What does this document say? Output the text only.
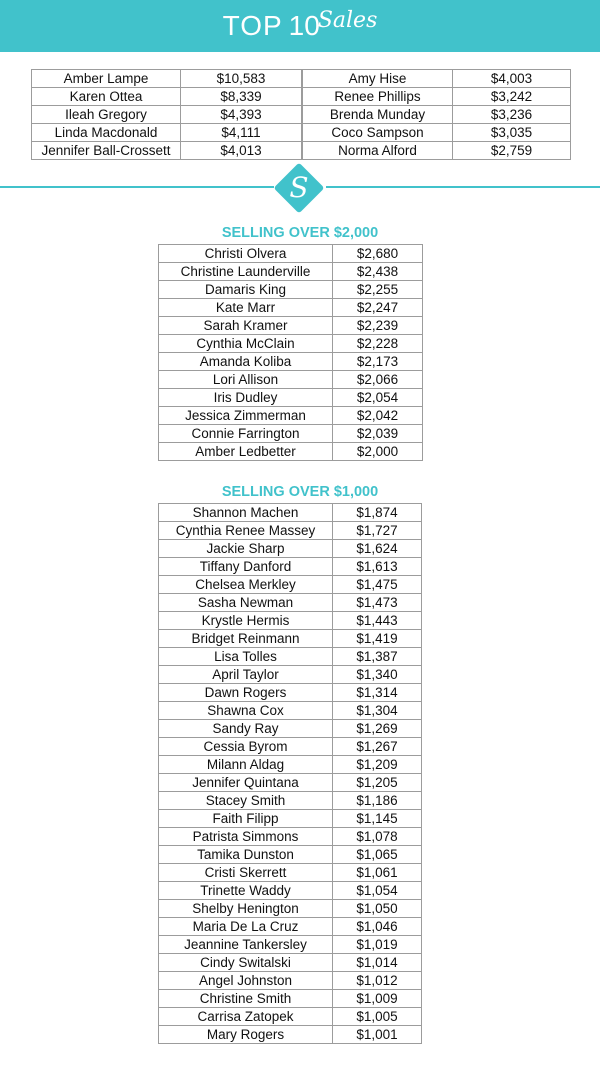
TOP 10
Sales
Amber Lampe	$10,583
Karen Ottea	$8,339
Ileah Gregory	$4,393
Linda Macdonald	$4,111
Jennifer Ball-Crossett	$4,013
Amy Hise	$4,003
Renee Phillips	$3,242
Brenda Munday	$3,236
Coco Sampson	$3,035
Norma Alford	$2,759
S
SELLING OVER $2,000
Christi Olvera	$2,680
Christine Launderville	$2,438
Damaris King	$2,255
Kate Marr	$2,247
Sarah Kramer	$2,239
Cynthia McClain	$2,228
Amanda Koliba	$2,173
Lori Allison	$2,066
Iris Dudley	$2,054
Jessica Zimmerman	$2,042
Connie Farrington	$2,039
Amber Ledbetter	$2,000
SELLING OVER $1,000
Shannon Machen	$1,874
Cynthia Renee Massey	$1,727
Jackie Sharp	$1,624
Tiffany Danford	$1,613
Chelsea Merkley	$1,475
Sasha Newman	$1,473
Krystle Hermis	$1,443
Bridget Reinmann	$1,419
Lisa Tolles	$1,387
April Taylor	$1,340
Dawn Rogers	$1,314
Shawna Cox	$1,304
Sandy Ray	$1,269
Cessia Byrom	$1,267
Milann Aldag	$1,209
Jennifer Quintana	$1,205
Stacey Smith	$1,186
Faith Filipp	$1,145
Patrista Simmons	$1,078
Tamika Dunston	$1,065
Cristi Skerrett	$1,061
Trinette Waddy	$1,054
Shelby Henington	$1,050
Maria De La Cruz	$1,046
Jeannine Tankersley	$1,019
Cindy Switalski	$1,014
Angel Johnston	$1,012
Christine Smith	$1,009
Carrisa Zatopek	$1,005
Mary Rogers	$1,001
